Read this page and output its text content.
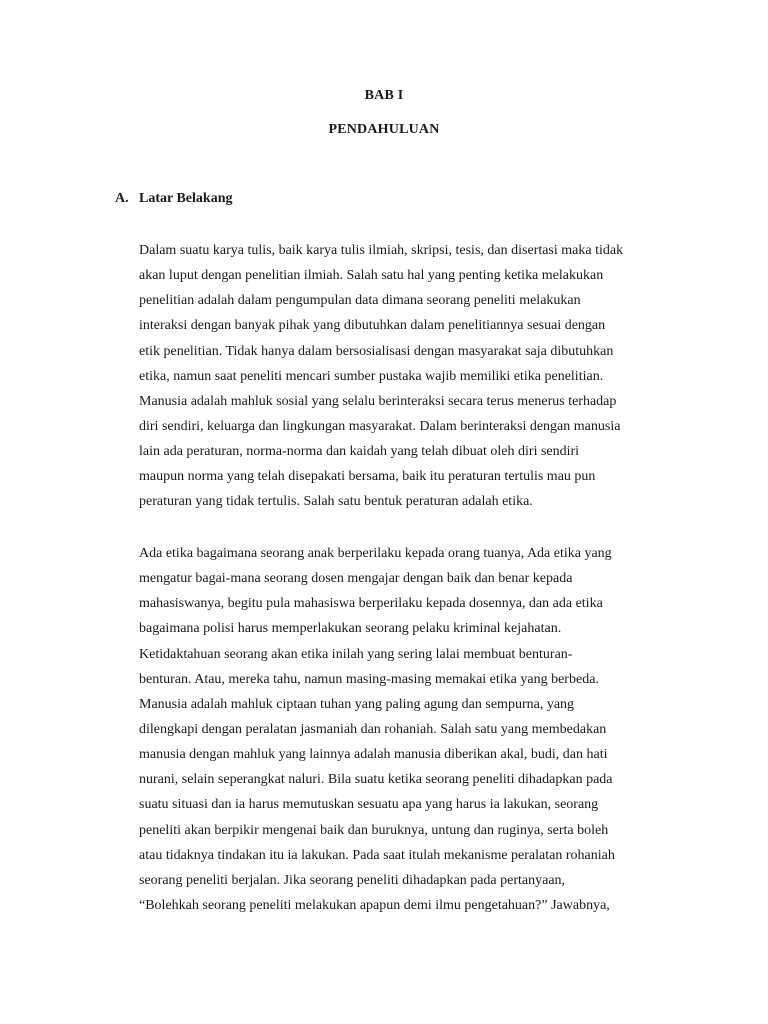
BAB I
PENDAHULUAN
A. Latar Belakang
Dalam suatu karya tulis, baik karya tulis ilmiah, skripsi, tesis, dan disertasi maka tidak
akan luput dengan penelitian ilmiah. Salah satu hal yang penting ketika melakukan
penelitian adalah dalam pengumpulan data dimana seorang peneliti melakukan
interaksi dengan banyak pihak yang dibutuhkan dalam penelitiannya sesuai dengan
etik penelitian. Tidak hanya dalam bersosialisasi dengan masyarakat saja dibutuhkan
etika, namun saat peneliti mencari sumber pustaka wajib memiliki etika penelitian.
Manusia adalah mahluk sosial yang selalu berinteraksi secara terus menerus terhadap
diri sendiri, keluarga dan lingkungan masyarakat. Dalam berinteraksi dengan manusia
lain ada peraturan, norma-norma dan kaidah yang telah dibuat oleh diri sendiri
maupun norma yang telah disepakati bersama, baik itu peraturan tertulis mau pun
peraturan yang tidak tertulis. Salah satu bentuk peraturan adalah etika.
Ada etika bagaimana seorang anak berperilaku kepada orang tuanya, Ada etika yang
mengatur bagai-mana seorang dosen mengajar dengan baik dan benar kepada
mahasiswanya, begitu pula mahasiswa berperilaku kepada dosennya, dan ada etika
bagaimana polisi harus memperlakukan seorang pelaku kriminal kejahatan.
Ketidaktahuan seorang akan etika inilah yang sering lalai membuat benturan-
benturan. Atau, mereka tahu, namun masing-masing memakai etika yang berbeda.
Manusia adalah mahluk ciptaan tuhan yang paling agung dan sempurna, yang
dilengkapi dengan peralatan jasmaniah dan rohaniah. Salah satu yang membedakan
manusia dengan mahluk yang lainnya adalah manusia diberikan akal, budi, dan hati
nurani, selain seperangkat naluri. Bila suatu ketika seorang peneliti dihadapkan pada
suatu situasi dan ia harus memutuskan sesuatu apa yang harus ia lakukan, seorang
peneliti akan berpikir mengenai baik dan buruknya, untung dan ruginya, serta boleh
atau tidaknya tindakan itu ia lakukan. Pada saat itulah mekanisme peralatan rohaniah
seorang peneliti berjalan. Jika seorang peneliti dihadapkan pada pertanyaan,
“Bolehkah seorang peneliti melakukan apapun demi ilmu pengetahuan?” Jawabnya,
